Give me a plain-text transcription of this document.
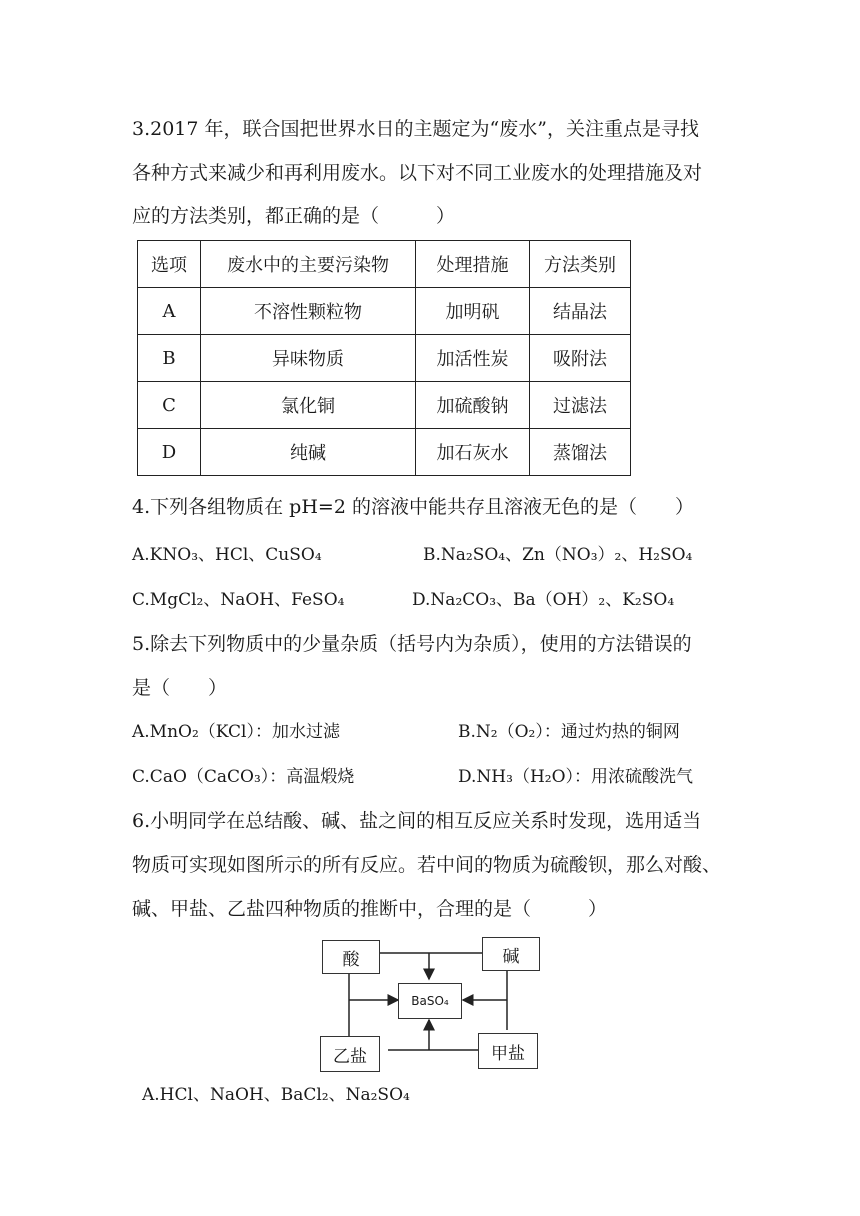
3.2017 年，联合国把世界水日的主题定为“废水”，关注重点是寻找
各种方式来减少和再利用废水。以下对不同工业废水的处理措施及对
应的方法类别，都正确的是（　　　）
选项	废水中的主要污染物	处理措施	方法类别
A	不溶性颗粒物	加明矾	结晶法
B	异味物质	加活性炭	吸附法
C	氯化铜	加硫酸钠	过滤法
D	纯碱	加石灰水	蒸馏法
4.下列各组物质在 pH=2 的溶液中能共存且溶液无色的是（　　）
A.KNO₃、HCl、CuSO₄	B.Na₂SO₄、Zn（NO₃）₂、H₂SO₄
C.MgCl₂、NaOH、FeSO₄	D.Na₂CO₃、Ba（OH）₂、K₂SO₄
5.除去下列物质中的少量杂质（括号内为杂质），使用的方法错误的
是（　　）
A.MnO₂（KCl）：加水过滤	B.N₂（O₂）：通过灼热的铜网
C.CaO（CaCO₃）：高温煅烧	D.NH₃（H₂O）：用浓硫酸洗气
6.小明同学在总结酸、碱、盐之间的相互反应关系时发现，选用适当
物质可实现如图所示的所有反应。若中间的物质为硫酸钡，那么对酸、
碱、甲盐、乙盐四种物质的推断中，合理的是（　　　）
酸	碱
BaSO₄
乙盐	甲盐
A.HCl、NaOH、BaCl₂、Na₂SO₄
